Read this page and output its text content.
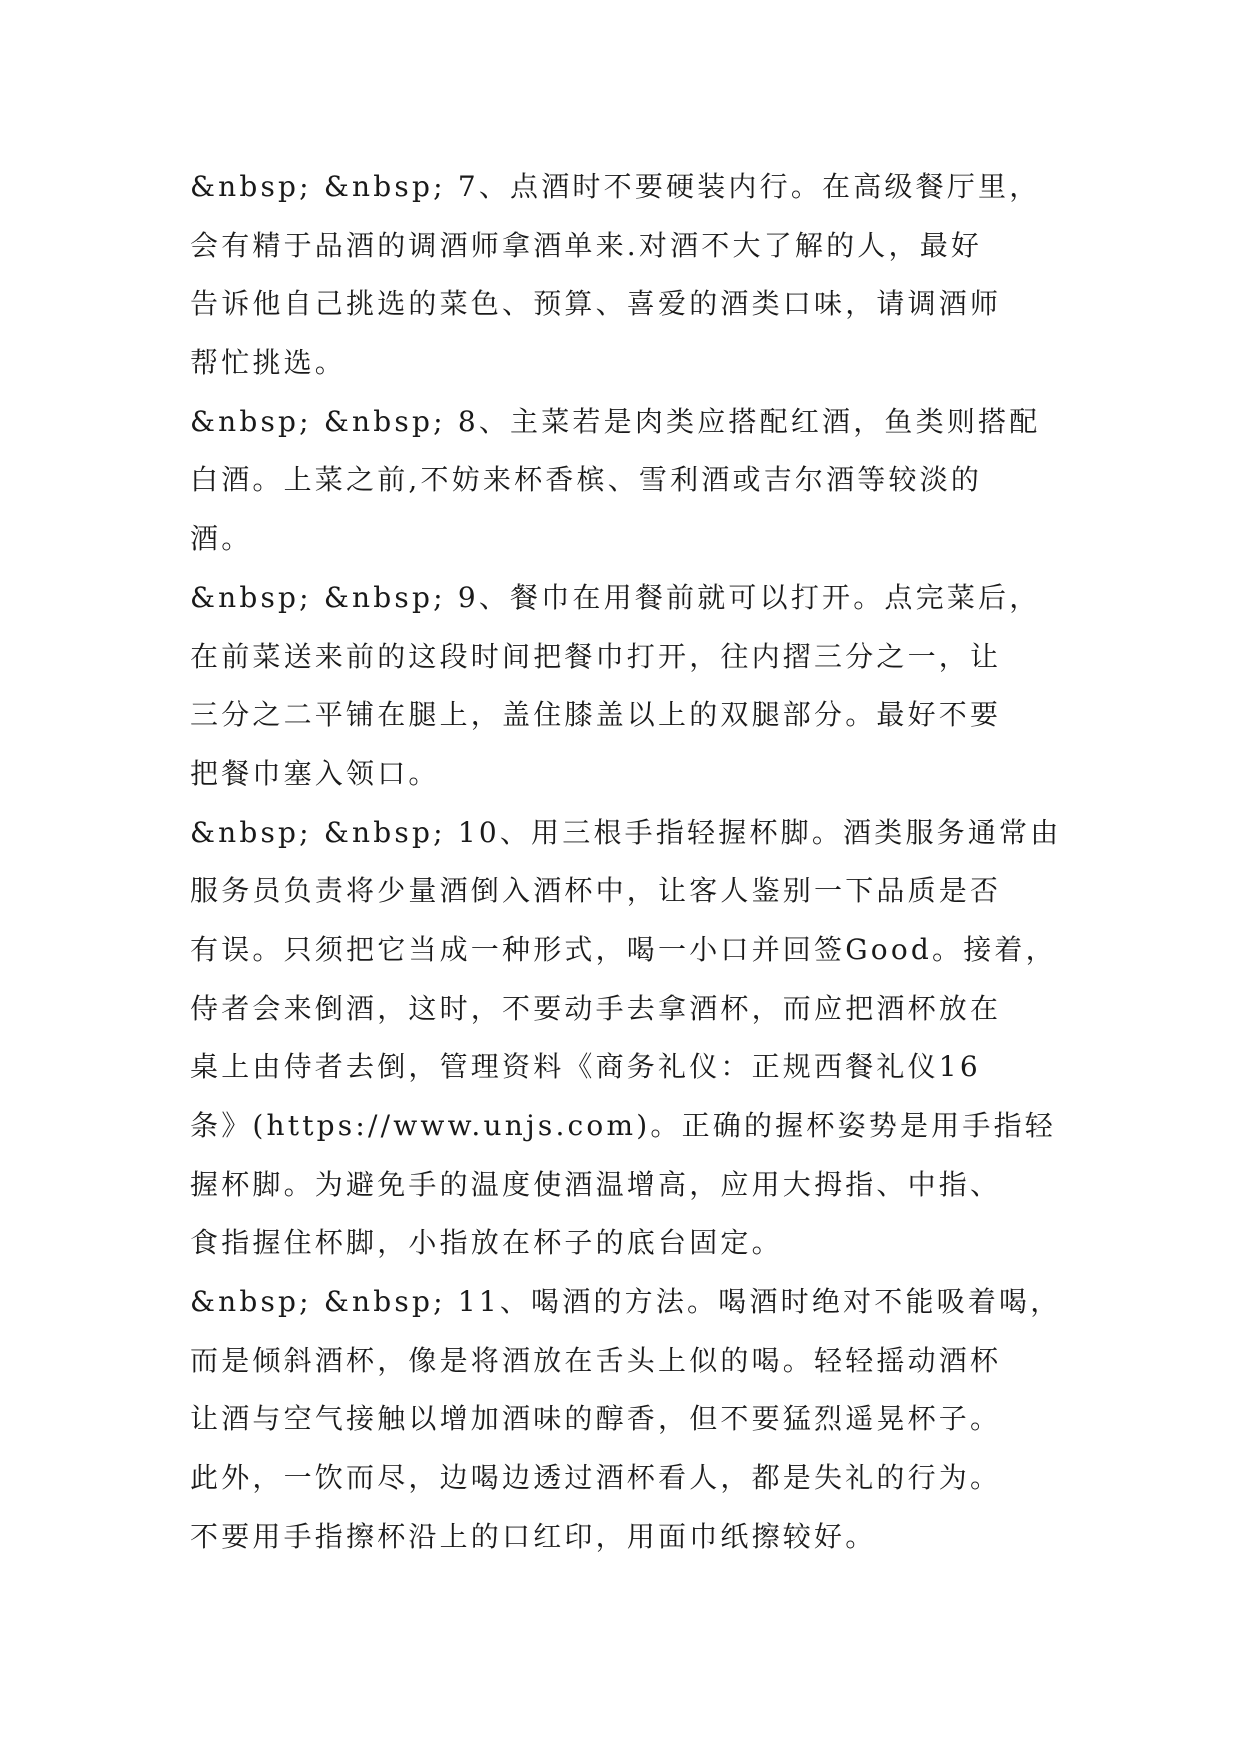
&nbsp; &nbsp; 7、点酒时不要硬装内行。在高级餐厅里，
会有精于品酒的调酒师拿酒单来.对酒不大了解的人，最好
告诉他自己挑选的菜色、预算、喜爱的酒类口味，请调酒师
帮忙挑选。
&nbsp; &nbsp; 8、主菜若是肉类应搭配红酒，鱼类则搭配
白酒。上菜之前,不妨来杯香槟、雪利酒或吉尔酒等较淡的
酒。
&nbsp; &nbsp; 9、餐巾在用餐前就可以打开。点完菜后，
在前菜送来前的这段时间把餐巾打开，往内摺三分之一，让
三分之二平铺在腿上，盖住膝盖以上的双腿部分。最好不要
把餐巾塞入领口。
&nbsp; &nbsp; 10、用三根手指轻握杯脚。酒类服务通常由
服务员负责将少量酒倒入酒杯中，让客人鉴别一下品质是否
有误。只须把它当成一种形式，喝一小口并回签Good。接着，
侍者会来倒酒，这时，不要动手去拿酒杯，而应把酒杯放在
桌上由侍者去倒，管理资料《商务礼仪：正规西餐礼仪16
条》(https://www.unjs.com)。正确的握杯姿势是用手指轻
握杯脚。为避免手的温度使酒温增高，应用大拇指、中指、
食指握住杯脚，小指放在杯子的底台固定。
&nbsp; &nbsp; 11、喝酒的方法。喝酒时绝对不能吸着喝，
而是倾斜酒杯，像是将酒放在舌头上似的喝。轻轻摇动酒杯
让酒与空气接触以增加酒味的醇香，但不要猛烈遥晃杯子。
此外，一饮而尽，边喝边透过酒杯看人，都是失礼的行为。
不要用手指擦杯沿上的口红印，用面巾纸擦较好。
